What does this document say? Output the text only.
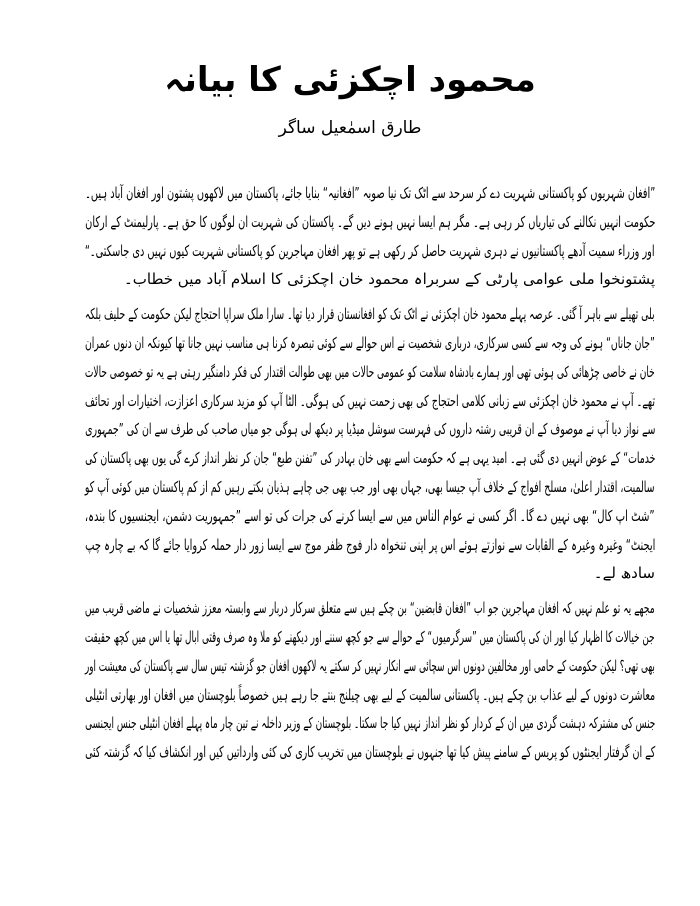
محمود اچکزئی کا بیانہ
طارق اسمٰعیل ساگر
”افغان شہریوں کو پاکستانی شہریت دے کر سرحد سے اٹک تک نیا صوبہ ”افغانیہ“ بنایا جائے، پاکستان میں لاکھوں پشتون اور افغان آباد ہیں۔
حکومت انہیں نکالنے کی تیاریاں کر رہی ہے۔ مگر ہم ایسا نہیں ہونے دیں گے۔ پاکستان کی شہریت ان لوگوں کا حق ہے۔ پارلیمنٹ کے ارکان
اور وزراء سمیت آدھے پاکستانیوں نے دہری شہریت حاصل کر رکھی ہے تو پھر افغان مہاجرین کو پاکستانی شہریت کیوں نہیں دی جاسکتی۔“
پشتونخوا ملی عوامی پارٹی کے سربراہ محمود خان اچکزئی کا اسلام آباد میں خطاب۔
بلی تھیلے سے باہر آ گئی۔ عرصہ پہلے محمود خان اچکزئی نے اٹک تک کو افغانستان قرار دیا تھا۔ سارا ملک سراپا احتجاج لیکن حکومت کے حلیف بلکہ
”جان جاناں“ ہونے کی وجہ سے کسی سرکاری، درباری شخصیت نے اس حوالے سے کوئی تبصرہ کرنا ہی مناسب نہیں جانا تھا کیونکہ ان دنوں عمران
خان نے خاصی چڑھائی کی ہوئی تھی اور ہمارے بادشاہ سلامت کو عمومی حالات میں بھی طوالت اقتدار کی فکر دامنگیر رہتی ہے یہ تو خصوصی حالات
تھے۔ آپ نے محمود خان اچکزئی سے زبانی کلامی احتجاج کی بھی زحمت نہیں کی ہوگی۔ الٹا آپ کو مزید سرکاری اعزازت، اختیارات اور تحائف
سے نواز دیا آپ نے موصوف کے ان قریبی رشتہ داروں کی فہرست سوشل میڈیا پر دیکھ لی ہوگی جو میاں صاحب کی طرف سے ان کی ”جمہوری
خدمات“ کے عوض انہیں دی گئی ہے۔ امید یہی ہے کہ حکومت اسے بھی خان بہادر کی ”تفنن طبع“ جان کر نظر انداز کرے گی یوں بھی پاکستان کی
سالمیت، اقتدار اعلیٰ، مسلح افواج کے خلاف آپ جیسا بھی، جہاں بھی اور جب بھی جی چاہے ہذیان بکتے رہیں کم از کم پاکستان میں کوئی آپ کو
”شٹ اپ کال“ بھی نہیں دے گا۔ اگر کسی نے عوام الناس میں سے ایسا کرنے کی جرات کی تو اسے ”جمہوریت دشمن، ایجنسیوں کا بندہ،
ایجنٹ“ وغیرہ وغیرہ کے القابات سے نوازتے ہوئے اس پر اپنی تنخواہ دار فوج ظفر موج سے ایسا زور دار حملہ کروایا جائے گا کہ بے چارہ چپ
سادھ لے۔
مجھے یہ تو علم نہیں کہ افغان مہاجرین جو اب ”افغان قابضین“ بن چکے ہیں سے متعلق سرکار دربار سے وابستہ معزز شخصیات نے ماضی قریب میں
جن خیالات کا اظہار کیا اور ان کی پاکستان میں ”سرگرمیوں“ کے حوالے سے جو کچھ سننے اور دیکھنے کو ملا وہ صرف وقتی ابال تھا یا اس میں کچھ حقیقت
بھی تھی؟ لیکن حکومت کے حامی اور مخالفین دونوں اس سچائی سے انکار نہیں کر سکتے یہ لاکھوں افغان جو گزشتہ تیس سال سے پاکستان کی معیشت اور
معاشرت دونوں کے لیے عذاب بن چکے ہیں۔ پاکستانی سالمیت کے لیے بھی چیلنج بنتے جا رہے ہیں خصوصاً بلوچستان میں افغان اور بھارتی انٹیلی
جنس کی مشترکہ دہشت گردی میں ان کے کردار کو نظر انداز نہیں کیا جا سکتا۔ بلوچستان کے وزیر داخلہ نے تین چار ماہ پہلے افغان انٹیلی جنس ایجنسی
کے ان گرفتار ایجنٹوں کو پریس کے سامنے پیش کیا تھا جنہوں نے بلوچستان میں تخریب کاری کی کئی وارداتیں کیں اور انکشاف کیا کہ گزشتہ کئی
